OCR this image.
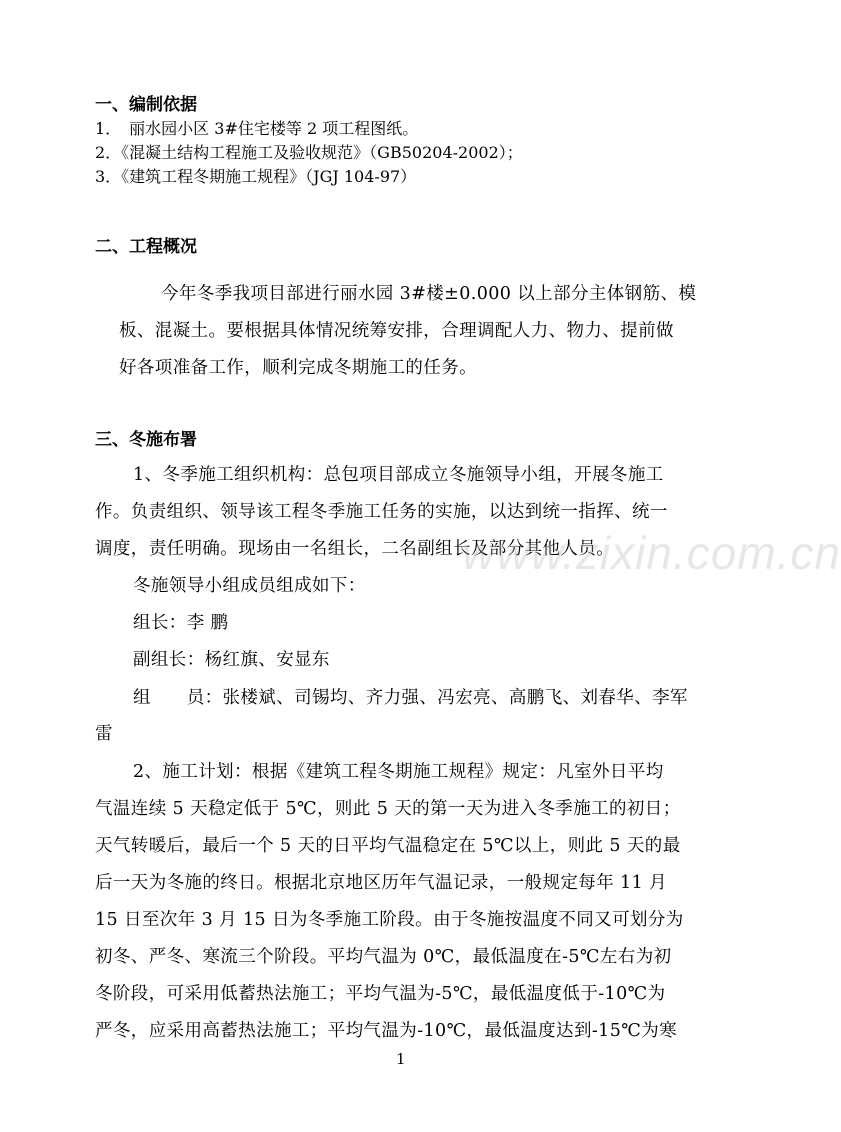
一、编制依据
1．　丽水园小区 3#住宅楼等 2 项工程图纸。
2．《混凝土结构工程施工及验收规范》（GB50204-2002）；
3．《建筑工程冬期施工规程》（JGJ 104-97）
二、工程概况
今年冬季我项目部进行丽水园 3#楼±0.000 以上部分主体钢筋、模
板、混凝土。要根据具体情况统筹安排，合理调配人力、物力、提前做
好各项准备工作，顺利完成冬期施工的任务。
三、冬施布署
1、冬季施工组织机构：总包项目部成立冬施领导小组，开展冬施工
作。负责组织、领导该工程冬季施工任务的实施，以达到统一指挥、统一
调度，责任明确。现场由一名组长，二名副组长及部分其他人员。
冬施领导小组成员组成如下：
组长：李 鹏
副组长：杨红旗、安显东
组　　员：张楼斌、司锡均、齐力强、冯宏亮、高鹏飞、刘春华、李军
雷
2、施工计划：根据《建筑工程冬期施工规程》规定：凡室外日平均
气温连续 5 天稳定低于 5℃，则此 5 天的第一天为进入冬季施工的初日；
天气转暖后，最后一个 5 天的日平均气温稳定在 5℃以上，则此 5 天的最
后一天为冬施的终日。根据北京地区历年气温记录，一般规定每年 11 月
15 日至次年 3 月 15 日为冬季施工阶段。由于冬施按温度不同又可划分为
初冬、严冬、寒流三个阶段。平均气温为 0℃，最低温度在-5℃左右为初
冬阶段，可采用低蓄热法施工；平均气温为-5℃，最低温度低于-10℃为
严冬，应采用高蓄热法施工；平均气温为-10℃，最低温度达到-15℃为寒
www.zixin.com.cn
1
